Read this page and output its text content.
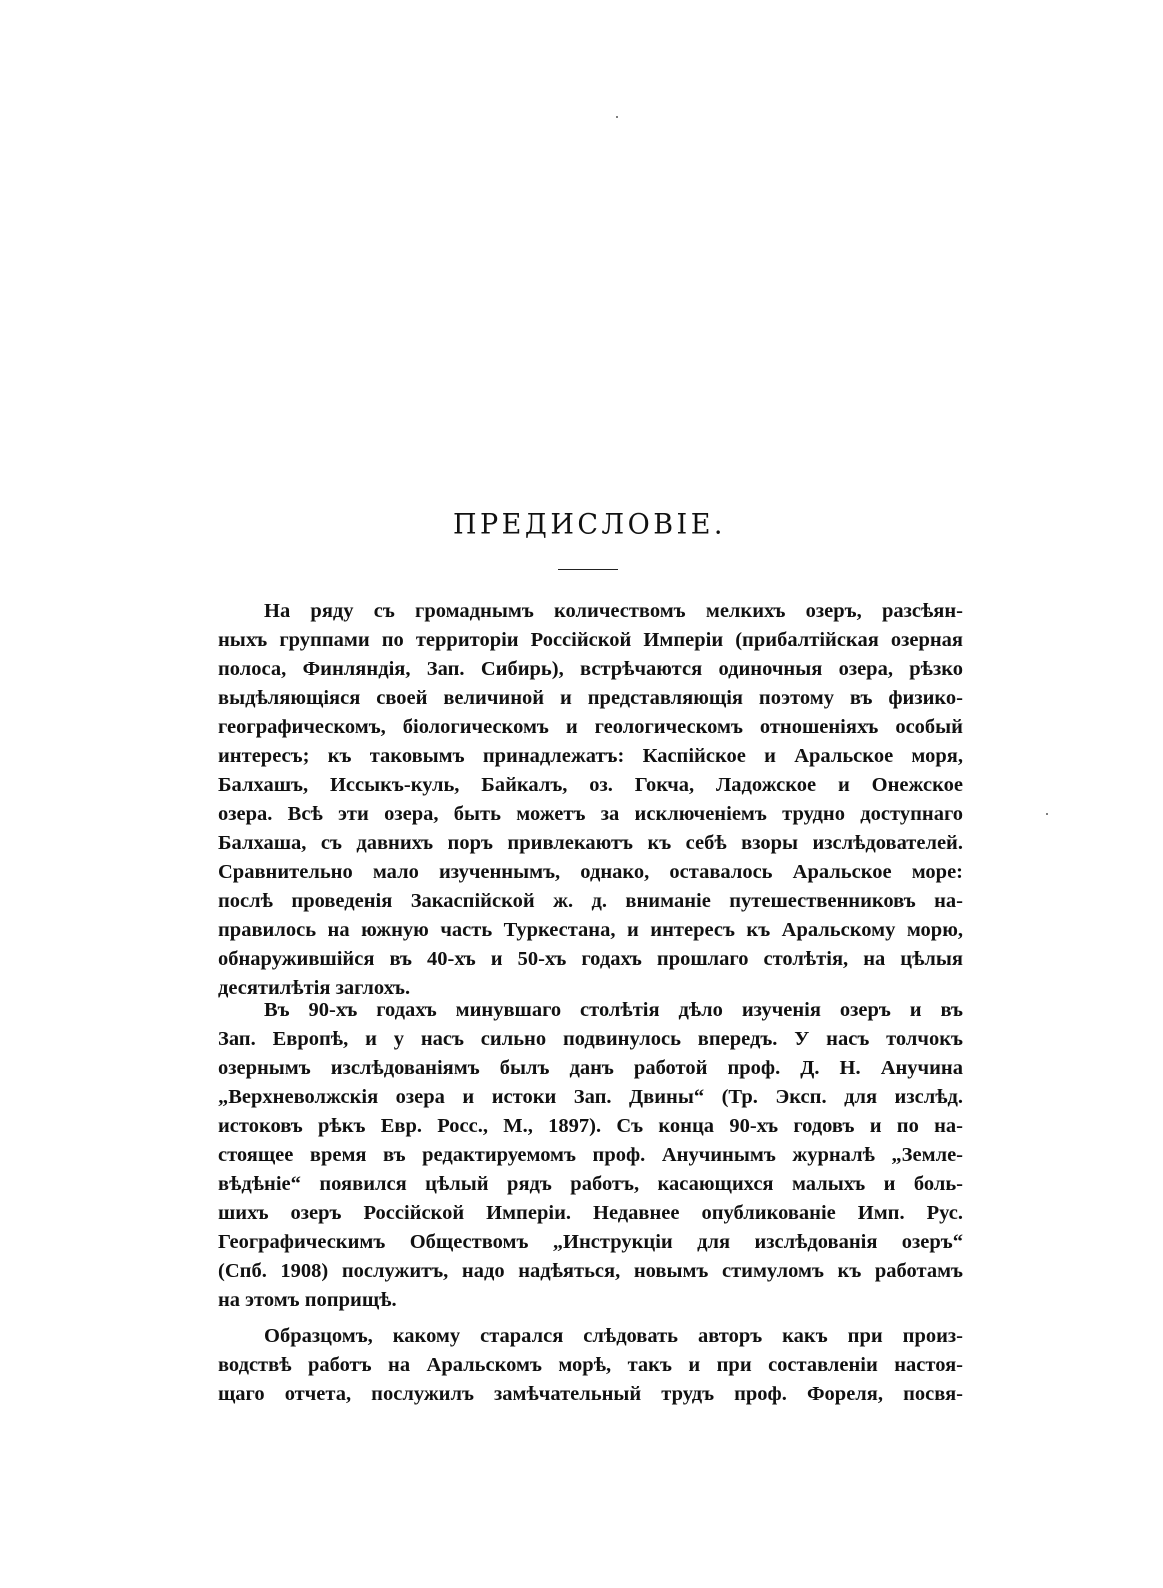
ПРЕДИСЛОВІЕ.
На ряду съ громаднымъ количествомъ мелкихъ озеръ, разсѣян-
ныхъ группами по территоріи Россійской Имперіи (прибалтійская озерная
полоса, Финляндія, Зап. Сибирь), встрѣчаются одиночныя озера, рѣзко
выдѣляющіяся своей величиной и представляющія поэтому въ физико-
географическомъ, біологическомъ и геологическомъ отношеніяхъ особый
интересъ; къ таковымъ принадлежатъ: Каспійское и Аральское моря,
Балхашъ, Иссыкъ-куль, Байкалъ, оз. Гокча, Ладожское и Онежское
озера. Всѣ эти озера, быть можетъ за исключеніемъ трудно доступнаго
Балхаша, съ давнихъ поръ привлекаютъ къ себѣ взоры изслѣдователей.
Сравнительно мало изученнымъ, однако, оставалось Аральское море:
послѣ проведенія Закаспійской ж. д. вниманіе путешественниковъ на-
правилось на южную часть Туркестана, и интересъ къ Аральскому морю,
обнаружившійся въ 40-хъ и 50-хъ годахъ прошлаго столѣтія, на цѣлыя
десятилѣтія заглохъ.
Въ 90-хъ годахъ минувшаго столѣтія дѣло изученія озеръ и въ
Зап. Европѣ, и у насъ сильно подвинулось впередъ. У насъ толчокъ
озернымъ изслѣдованіямъ былъ данъ работой проф. Д. Н. Анучина
„Верхневолжскія озера и истоки Зап. Двины“ (Тр. Эксп. для изслѣд.
истоковъ рѣкъ Евр. Росс., М., 1897). Съ конца 90-хъ годовъ и по на-
стоящее время въ редактируемомъ проф. Анучинымъ журналѣ „Земле-
вѣдѣніе“ появился цѣлый рядъ работъ, касающихся малыхъ и боль-
шихъ озеръ Россійской Имперіи. Недавнее опубликованіе Имп. Рус.
Географическимъ Обществомъ „Инструкціи для изслѣдованія озеръ“
(Спб. 1908) послужитъ, надо надѣяться, новымъ стимуломъ къ работамъ
на этомъ поприщѣ.
Образцомъ, какому старался слѣдовать авторъ какъ при произ-
водствѣ работъ на Аральскомъ морѣ, такъ и при составленіи настоя-
щаго отчета, послужилъ замѣчательный трудъ проф. Фореля, посвя-
